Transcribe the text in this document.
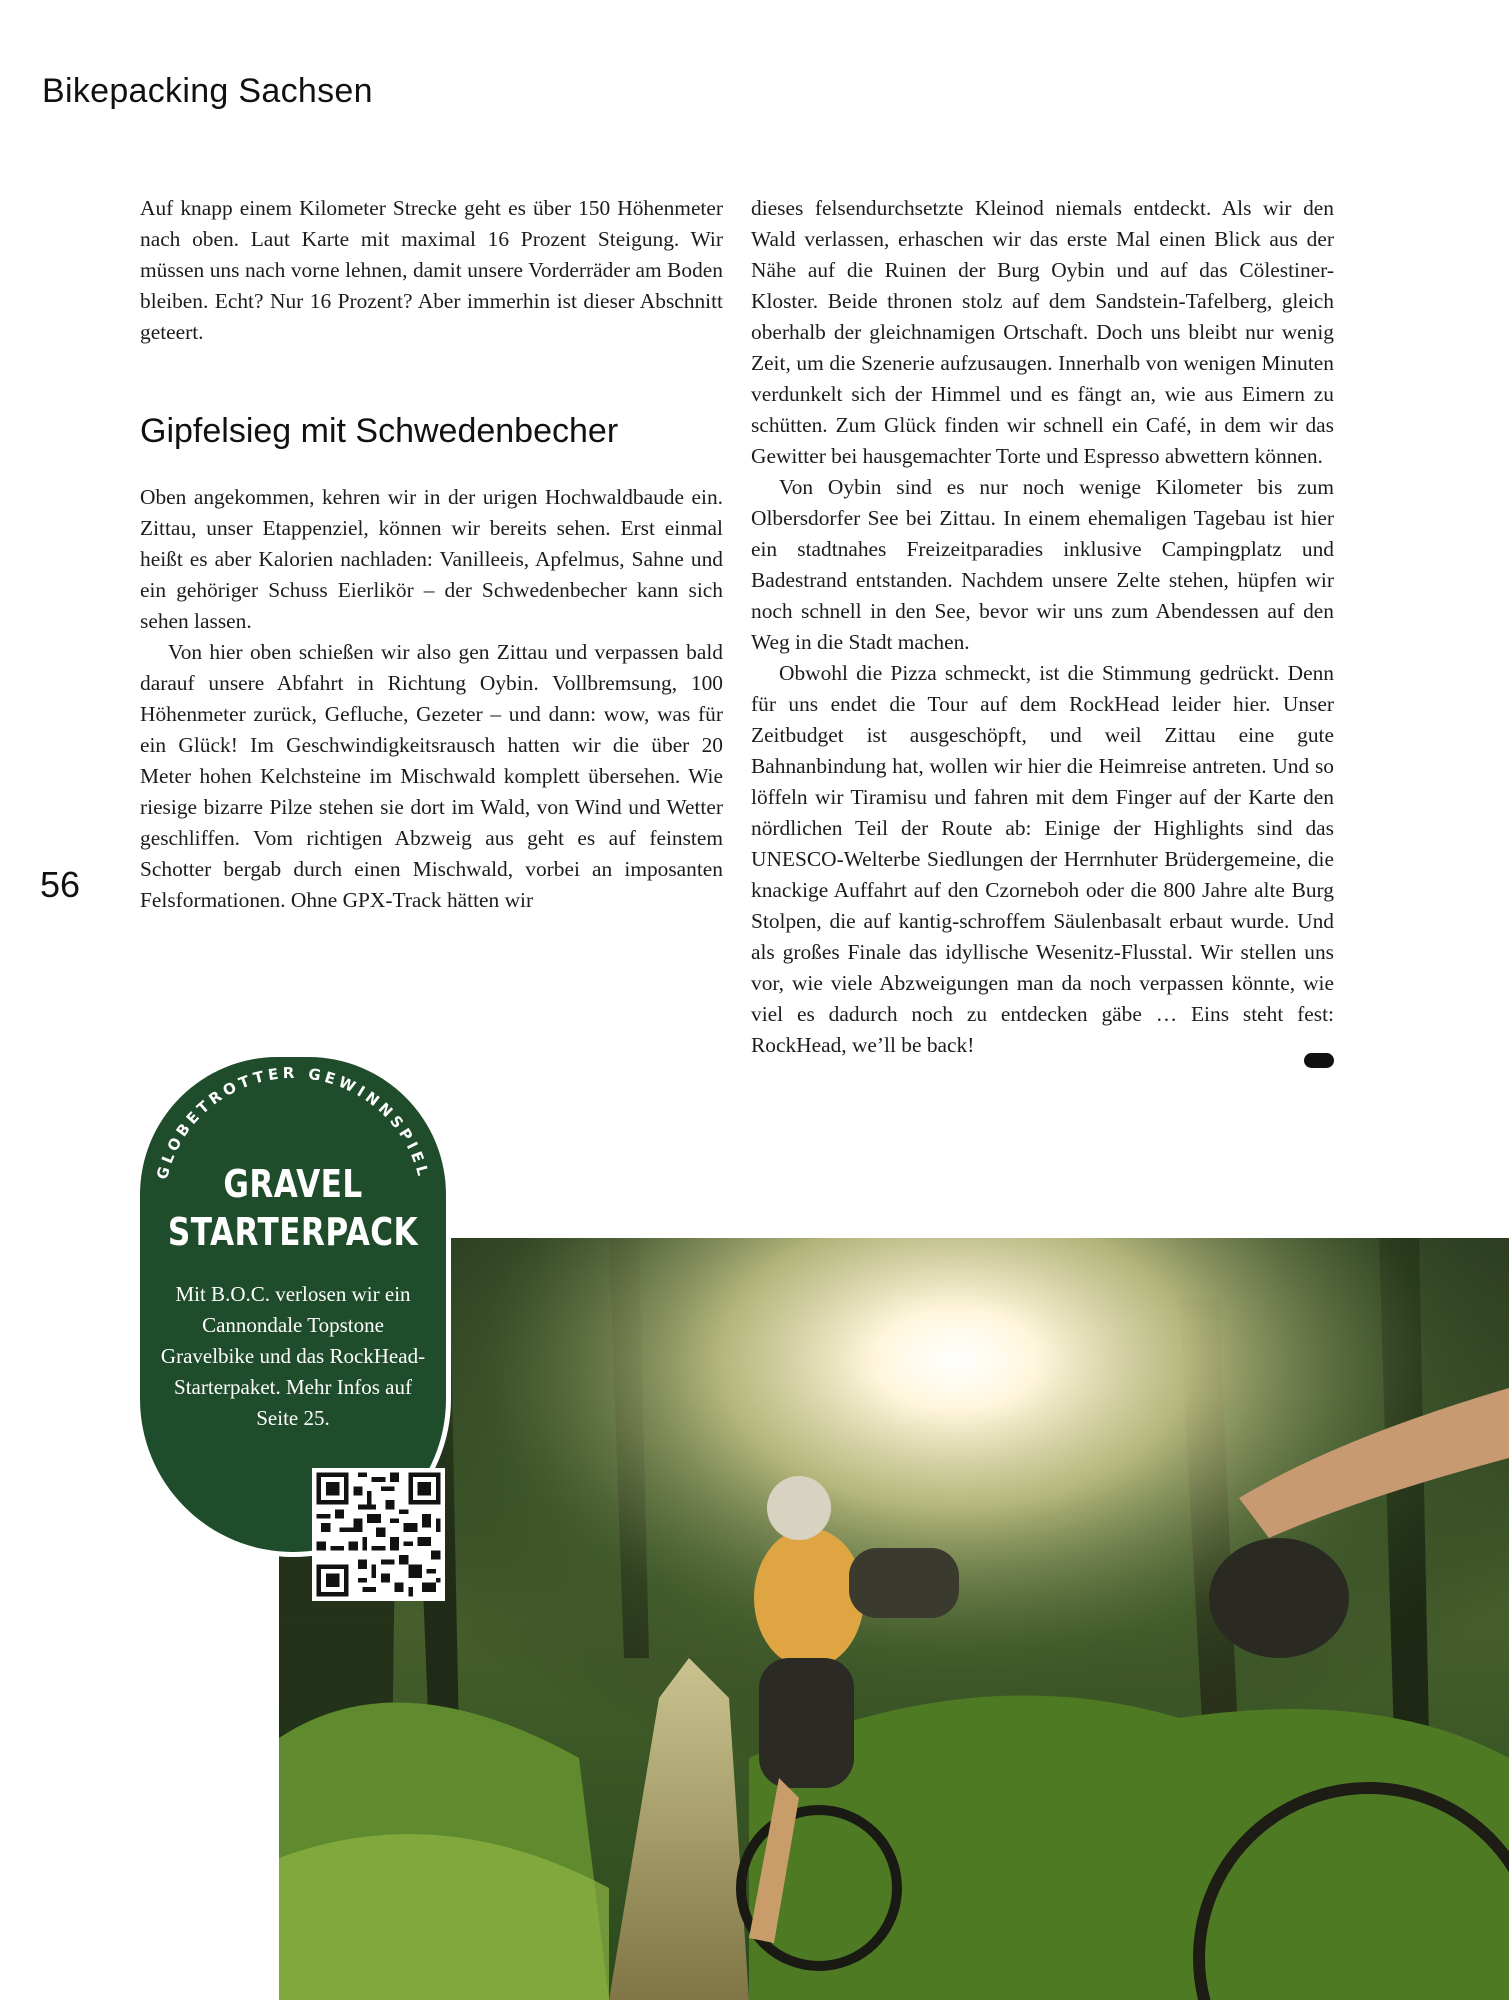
Bikepacking Sachsen
56

Auf knapp einem Kilometer Strecke geht es über 150 Höhenmeter nach oben. Laut Karte mit maximal 16 Prozent Steigung. Wir müssen uns nach vorne lehnen, damit unsere Vorderräder am Boden bleiben. Echt? Nur 16 Prozent? Aber immerhin ist dieser Abschnitt geteert.

Gipfelsieg mit Schwedenbecher

Oben angekommen, kehren wir in der urigen Hochwaldbaude ein. Zittau, unser Etappenziel, können wir bereits sehen. Erst einmal heißt es aber Kalorien nachladen: Vanilleeis, Apfelmus, Sahne und ein gehöriger Schuss Eierlikör – der Schwedenbecher kann sich sehen lassen.

Von hier oben schießen wir also gen Zittau und verpassen bald darauf unsere Abfahrt in Richtung Oybin. Vollbremsung, 100 Höhenmeter zurück, Gefluche, Gezeter – und dann: wow, was für ein Glück! Im Geschwindigkeitsrausch hatten wir die über 20 Meter hohen Kelchsteine im Mischwald komplett übersehen. Wie riesige bizarre Pilze stehen sie dort im Wald, von Wind und Wetter geschliffen. Vom richtigen Abzweig aus geht es auf feinstem Schotter bergab durch einen Mischwald, vorbei an imposanten Felsformationen. Ohne GPX-Track hätten wir

dieses felsendurchsetzte Kleinod niemals entdeckt. Als wir den Wald verlassen, erhaschen wir das erste Mal einen Blick aus der Nähe auf die Ruinen der Burg Oybin und auf das Cölestiner-Kloster. Beide thronen stolz auf dem Sandstein-Tafelberg, gleich oberhalb der gleichnamigen Ortschaft. Doch uns bleibt nur wenig Zeit, um die Szenerie aufzusaugen. Innerhalb von wenigen Minuten verdunkelt sich der Himmel und es fängt an, wie aus Eimern zu schütten. Zum Glück finden wir schnell ein Café, in dem wir das Gewitter bei hausgemachter Torte und Espresso abwettern können.

Von Oybin sind es nur noch wenige Kilometer bis zum Olbersdorfer See bei Zittau. In einem ehemaligen Tagebau ist hier ein stadtnahes Freizeitparadies inklusive Campingplatz und Badestrand entstanden. Nachdem unsere Zelte stehen, hüpfen wir noch schnell in den See, bevor wir uns zum Abendessen auf den Weg in die Stadt machen.

Obwohl die Pizza schmeckt, ist die Stimmung gedrückt. Denn für uns endet die Tour auf dem RockHead leider hier. Unser Zeitbudget ist ausgeschöpft, und weil Zittau eine gute Bahnanbindung hat, wollen wir hier die Heimreise antreten. Und so löffeln wir Tiramisu und fahren mit dem Finger auf der Karte den nördlichen Teil der Route ab: Einige der Highlights sind das UNESCO-Welterbe Siedlungen der Herrnhuter Brüdergemeine, die knackige Auffahrt auf den Czorneboh oder die 800 Jahre alte Burg Stolpen, die auf kantig-schroffem Säulenbasalt erbaut wurde. Und als großes Finale das idyllische Wesenitz-Flusstal. Wir stellen uns vor, wie viele Abzweigungen man da noch verpassen könnte, wie viel es dadurch noch zu entdecken gäbe … Eins steht fest: RockHead, we’ll be back!

GLOBETROTTER GEWINNSPIEL
GRAVEL
STARTERPACK
Mit B.O.C. verlosen wir ein Cannondale Topstone Gravelbike und das RockHead-Starterpaket. Mehr Infos auf Seite 25.
